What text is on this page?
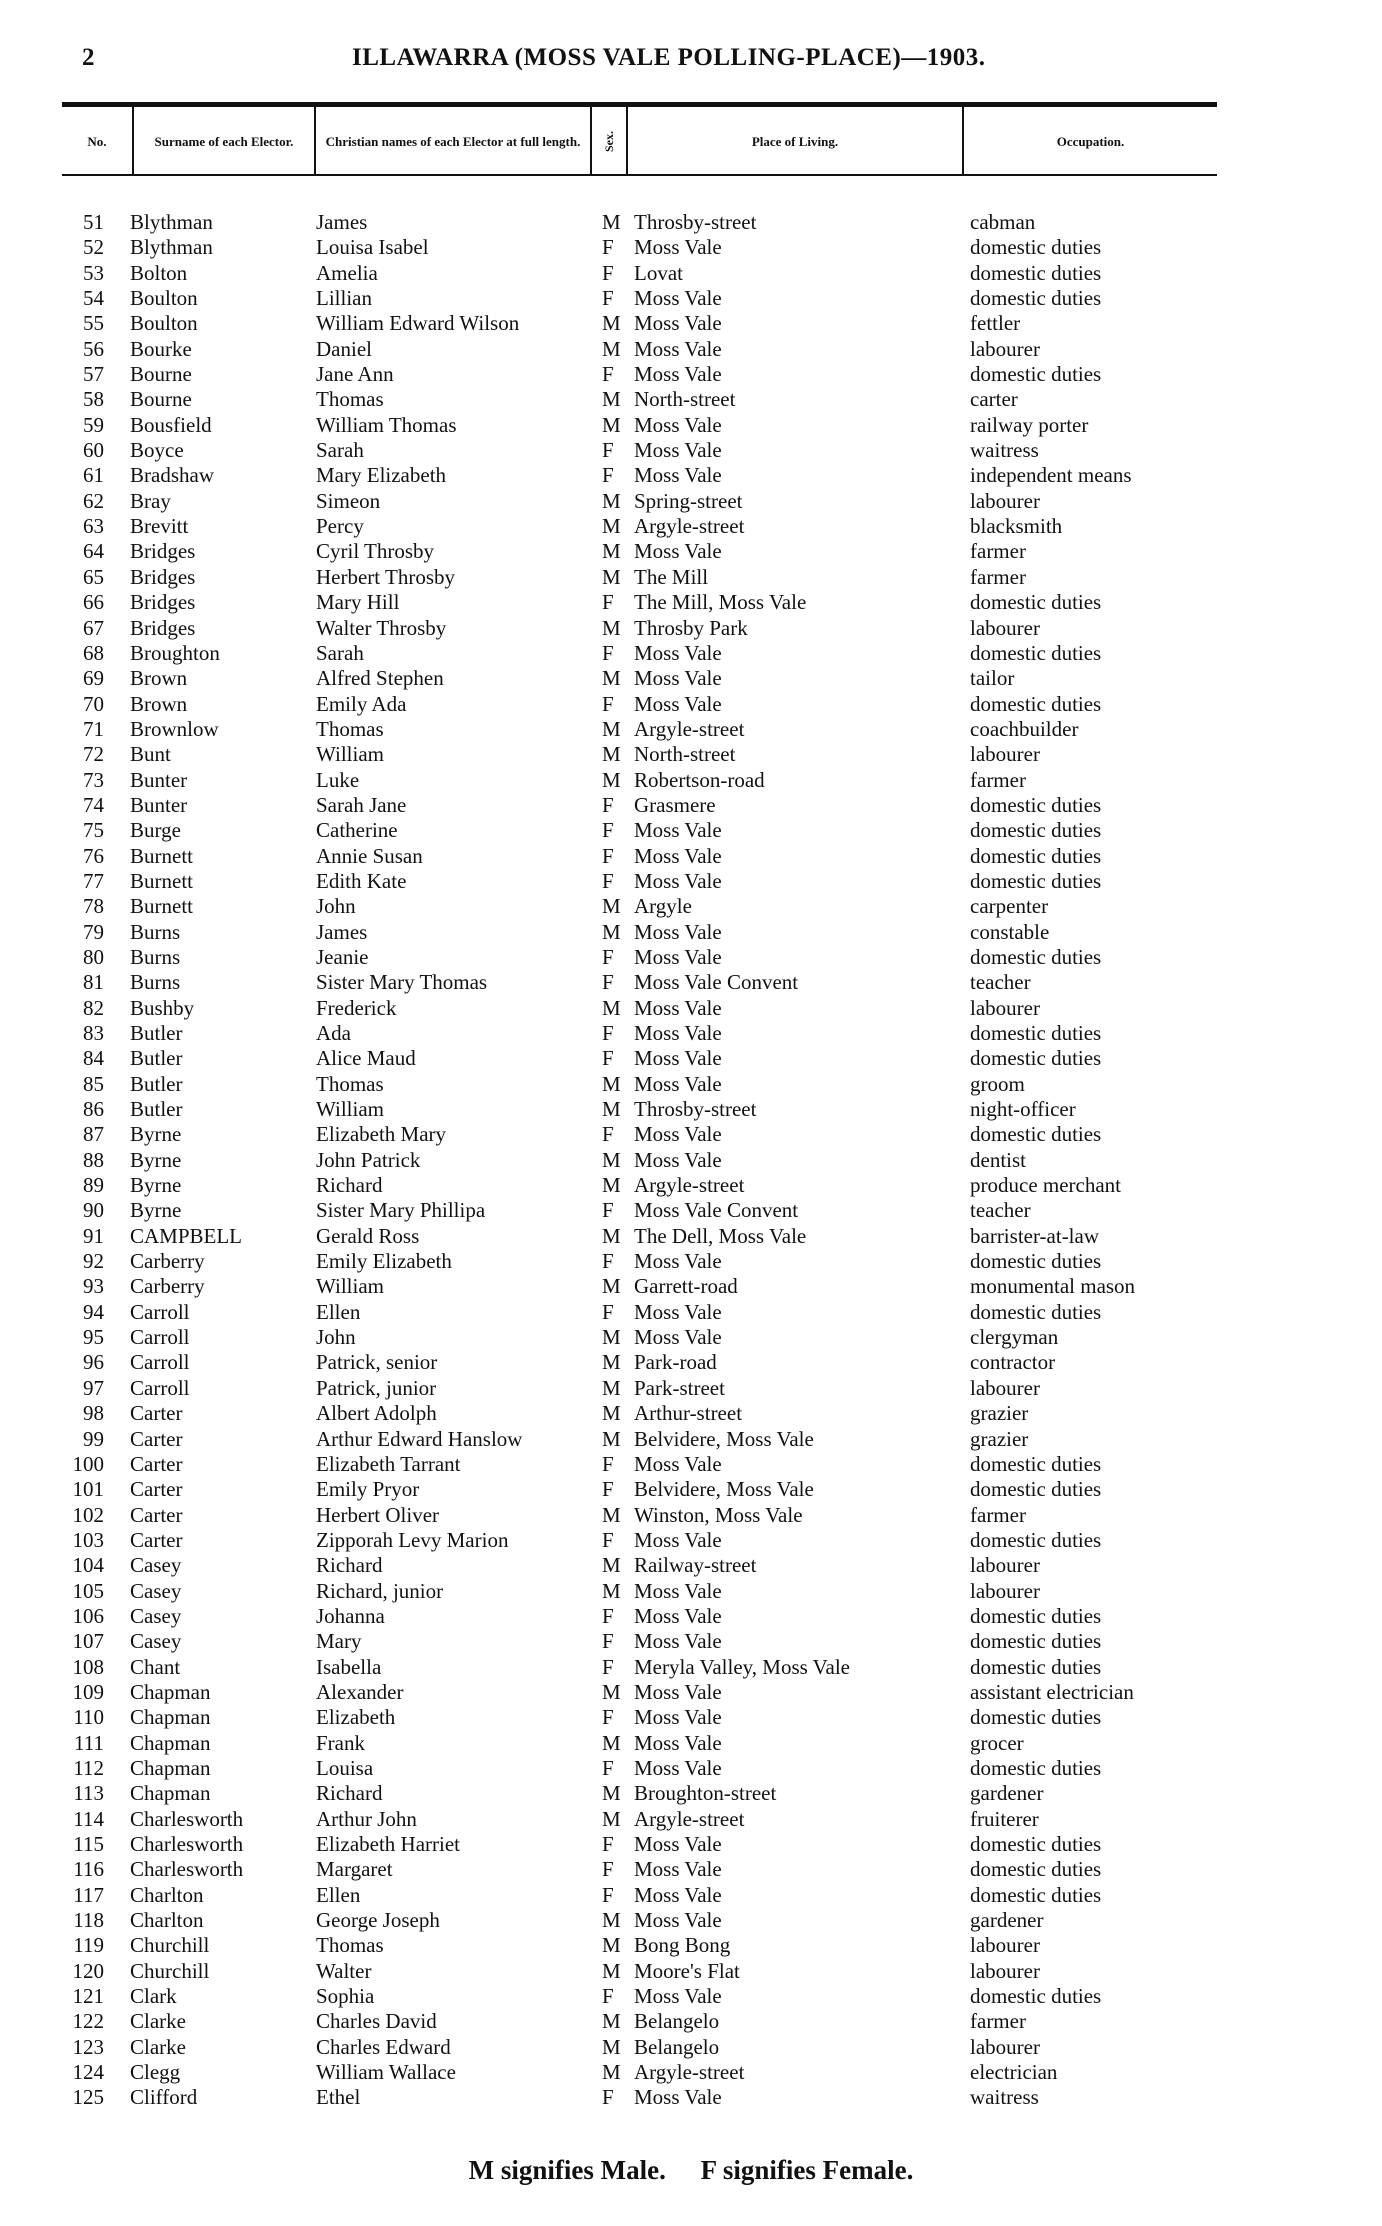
2	ILLAWARRA (MOSS VALE POLLING-PLACE)—1903.
No.	Surname of each Elector.	Christian names of each Elector at full length.	Sex.	Place of Living.	Occupation.
51 Blythman	James	M Throsby-street	cabman
52 Blythman	Louisa Isabel	F Moss Vale	domestic duties
53 Bolton	Amelia	F Lovat	domestic duties
54 Boulton	Lillian	F Moss Vale	domestic duties
55 Boulton	William Edward Wilson	M Moss Vale	fettler
56 Bourke	Daniel	M Moss Vale	labourer
57 Bourne	Jane Ann	F Moss Vale	domestic duties
58 Bourne	Thomas	M North-street	carter
59 Bousfield	William Thomas	M Moss Vale	railway porter
60 Boyce	Sarah	F Moss Vale	waitress
61 Bradshaw	Mary Elizabeth	F Moss Vale	independent means
62 Bray	Simeon	M Spring-street	labourer
63 Brevitt	Percy	M Argyle-street	blacksmith
64 Bridges	Cyril Throsby	M Moss Vale	farmer
65 Bridges	Herbert Throsby	M The Mill	farmer
66 Bridges	Mary Hill	F The Mill, Moss Vale	domestic duties
67 Bridges	Walter Throsby	M Throsby Park	labourer
68 Broughton	Sarah	F Moss Vale	domestic duties
69 Brown	Alfred Stephen	M Moss Vale	tailor
70 Brown	Emily Ada	F Moss Vale	domestic duties
71 Brownlow	Thomas	M Argyle-street	coachbuilder
72 Bunt	William	M North-street	labourer
73 Bunter	Luke	M Robertson-road	farmer
74 Bunter	Sarah Jane	F Grasmere	domestic duties
75 Burge	Catherine	F Moss Vale	domestic duties
76 Burnett	Annie Susan	F Moss Vale	domestic duties
77 Burnett	Edith Kate	F Moss Vale	domestic duties
78 Burnett	John	M Argyle	carpenter
79 Burns	James	M Moss Vale	constable
80 Burns	Jeanie	F Moss Vale	domestic duties
81 Burns	Sister Mary Thomas	F Moss Vale Convent	teacher
82 Bushby	Frederick	M Moss Vale	labourer
83 Butler	Ada	F Moss Vale	domestic duties
84 Butler	Alice Maud	F Moss Vale	domestic duties
85 Butler	Thomas	M Moss Vale	groom
86 Butler	William	M Throsby-street	night-officer
87 Byrne	Elizabeth Mary	F Moss Vale	domestic duties
88 Byrne	John Patrick	M Moss Vale	dentist
89 Byrne	Richard	M Argyle-street	produce merchant
90 Byrne	Sister Mary Phillipa	F Moss Vale Convent	teacher
91 CAMPBELL	Gerald Ross	M The Dell, Moss Vale	barrister-at-law
92 Carberry	Emily Elizabeth	F Moss Vale	domestic duties
93 Carberry	William	M Garrett-road	monumental mason
94 Carroll	Ellen	F Moss Vale	domestic duties
95 Carroll	John	M Moss Vale	clergyman
96 Carroll	Patrick, senior	M Park-road	contractor
97 Carroll	Patrick, junior	M Park-street	labourer
98 Carter	Albert Adolph	M Arthur-street	grazier
99 Carter	Arthur Edward Hanslow	M Belvidere, Moss Vale	grazier
100 Carter	Elizabeth Tarrant	F Moss Vale	domestic duties
101 Carter	Emily Pryor	F Belvidere, Moss Vale	domestic duties
102 Carter	Herbert Oliver	M Winston, Moss Vale	farmer
103 Carter	Zipporah Levy Marion	F Moss Vale	domestic duties
104 Casey	Richard	M Railway-street	labourer
105 Casey	Richard, junior	M Moss Vale	labourer
106 Casey	Johanna	F Moss Vale	domestic duties
107 Casey	Mary	F Moss Vale	domestic duties
108 Chant	Isabella	F Meryla Valley, Moss Vale	domestic duties
109 Chapman	Alexander	M Moss Vale	assistant electrician
110 Chapman	Elizabeth	F Moss Vale	domestic duties
111 Chapman	Frank	M Moss Vale	grocer
112 Chapman	Louisa	F Moss Vale	domestic duties
113 Chapman	Richard	M Broughton-street	gardener
114 Charlesworth	Arthur John	M Argyle-street	fruiterer
115 Charlesworth	Elizabeth Harriet	F Moss Vale	domestic duties
116 Charlesworth	Margaret	F Moss Vale	domestic duties
117 Charlton	Ellen	F Moss Vale	domestic duties
118 Charlton	George Joseph	M Moss Vale	gardener
119 Churchill	Thomas	M Bong Bong	labourer
120 Churchill	Walter	M Moore's Flat	labourer
121 Clark	Sophia	F Moss Vale	domestic duties
122 Clarke	Charles David	M Belangelo	farmer
123 Clarke	Charles Edward	M Belangelo	labourer
124 Clegg	William Wallace	M Argyle-street	electrician
125 Clifford	Ethel	F Moss Vale	waitress
M signifies Male. F signifies Female.
